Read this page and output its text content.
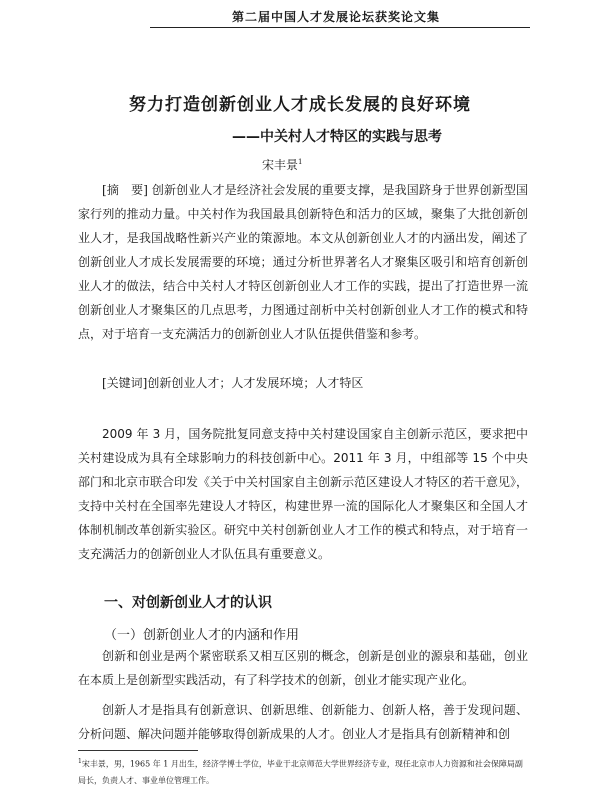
第二届中国人才发展论坛获奖论文集
努力打造创新创业人才成长发展的良好环境
——中关村人才特区的实践与思考
宋丰景$^1$

[摘　要] 创新创业人才是经济社会发展的重要支撑，是我国跻身于世界创新型国家行列的推动力量。中关村作为我国最具创新特色和活力的区域，聚集了大批创新创业人才，是我国战略性新兴产业的策源地。本文从创新创业人才的内涵出发，阐述了创新创业人才成长发展需要的环境；通过分析世界著名人才聚集区吸引和培育创新创业人才的做法，结合中关村人才特区创新创业人才工作的实践，提出了打造世界一流创新创业人才聚集区的几点思考，力图通过剖析中关村创新创业人才工作的模式和特点，对于培育一支充满活力的创新创业人才队伍提供借鉴和参考。

[关键词]创新创业人才；人才发展环境；人才特区

2009 年 3 月，国务院批复同意支持中关村建设国家自主创新示范区，要求把中关村建设成为具有全球影响力的科技创新中心。2011 年 3 月，中组部等 15 个中央部门和北京市联合印发《关于中关村国家自主创新示范区建设人才特区的若干意见》，支持中关村在全国率先建设人才特区，构建世界一流的国际化人才聚集区和全国人才体制机制改革创新实验区。研究中关村创新创业人才工作的模式和特点，对于培育一支充满活力的创新创业人才队伍具有重要意义。

一、对创新创业人才的认识
（一）创新创业人才的内涵和作用

创新和创业是两个紧密联系又相互区别的概念，创新是创业的源泉和基础，创业在本质上是创新型实践活动，有了科学技术的创新，创业才能实现产业化。

创新人才是指具有创新意识、创新思维、创新能力、创新人格，善于发现问题、分析问题、解决问题并能够取得创新成果的人才。创业人才是指具有创新精神和创

$^1$宋丰景，男，1965 年 1 月出生，经济学博士学位，毕业于北京师范大学世界经济专业，现任北京市人力资源和社会保障局副局长，负责人才、事业单位管理工作。
